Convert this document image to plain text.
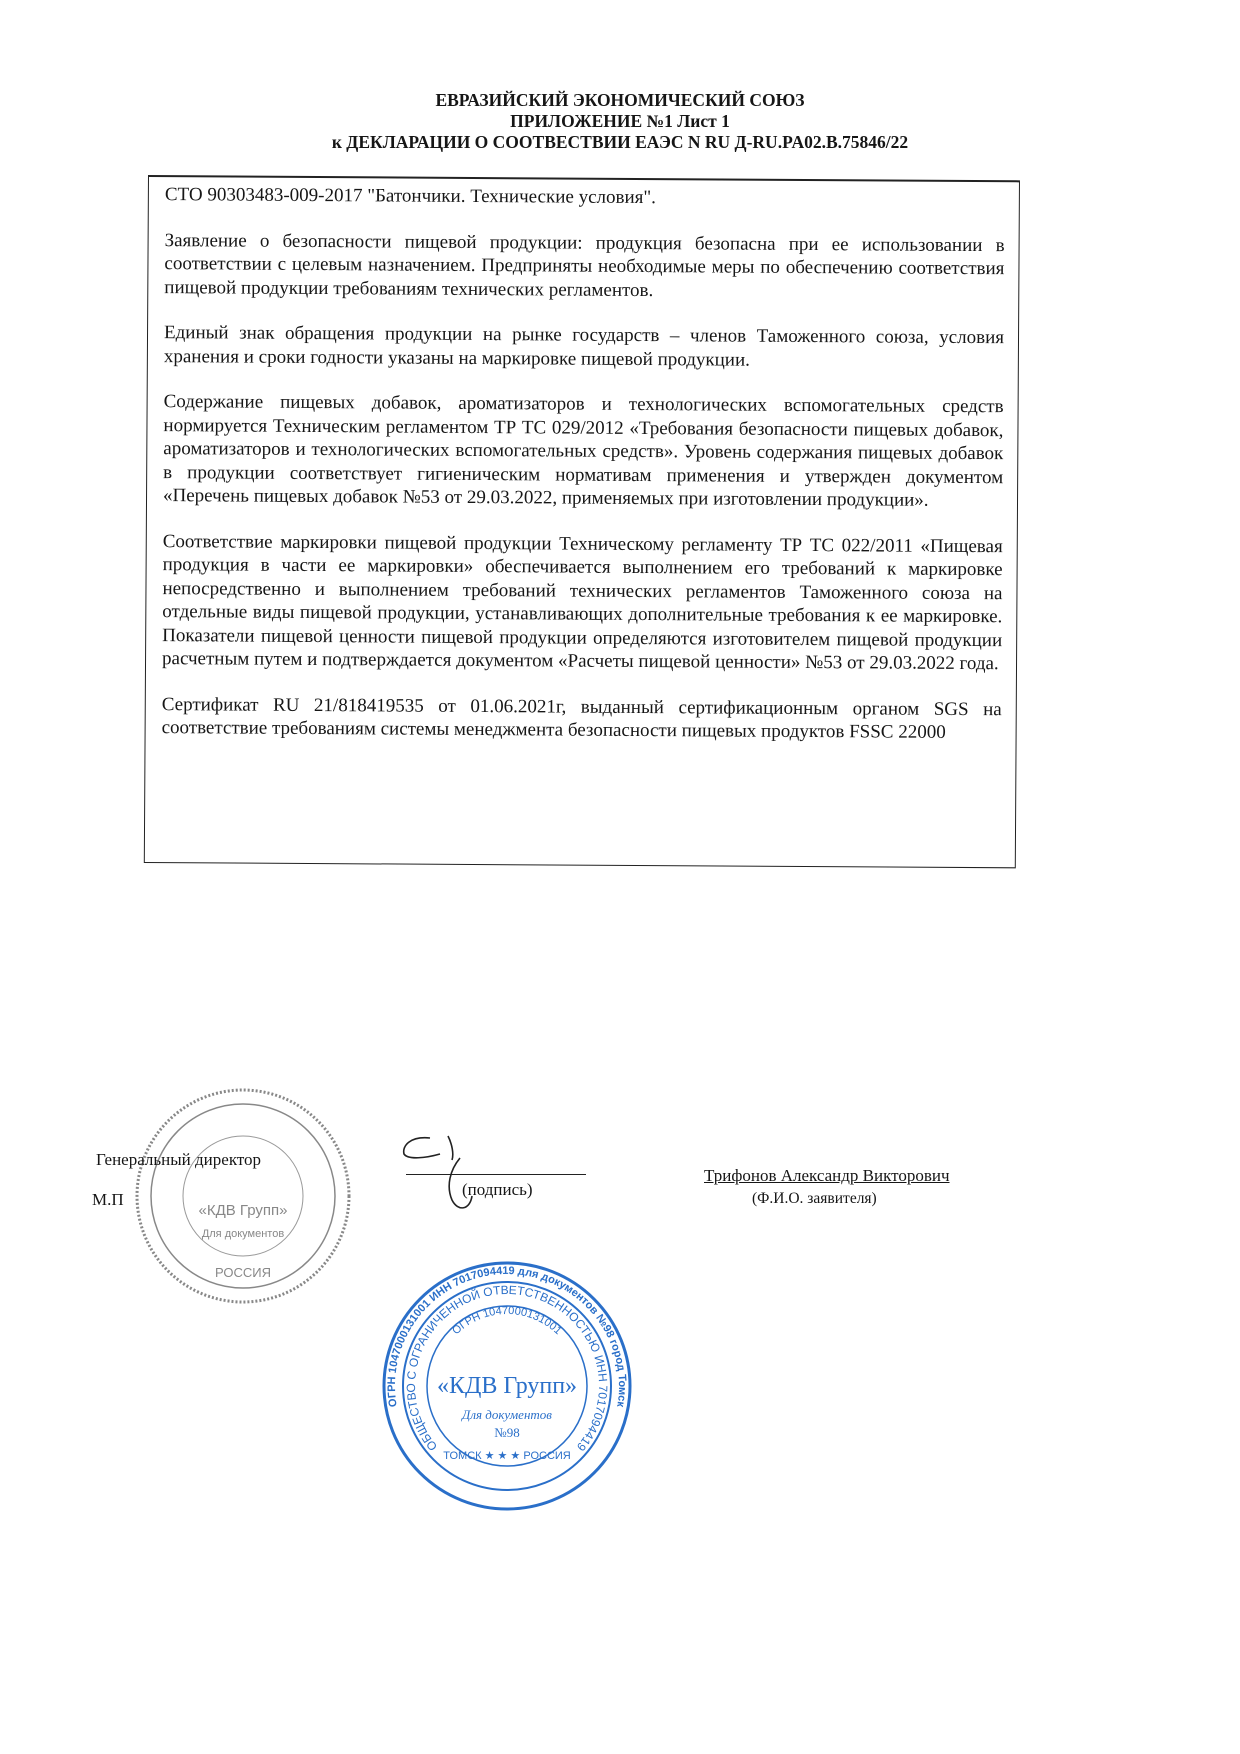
ЕВРАЗИЙСКИЙ ЭКОНОМИЧЕСКИЙ СОЮЗ
ПРИЛОЖЕНИЕ №1 Лист 1
к ДЕКЛАРАЦИИ О СООТВЕСТВИИ ЕАЭС N RU Д-RU.PA02.B.75846/22

СТО 90303483-009-2017 "Батончики. Технические условия".

Заявление о безопасности пищевой продукции: продукция безопасна при ее использовании в соответствии с целевым назначением. Предприняты необходимые меры по обеспечению соответствия пищевой продукции требованиям технических регламентов.

Единый знак обращения продукции на рынке государств – членов Таможенного союза, условия хранения и сроки годности указаны на маркировке пищевой продукции.

Содержание пищевых добавок, ароматизаторов и технологических вспомогательных средств нормируется Техническим регламентом ТР ТС 029/2012 «Требования безопасности пищевых добавок, ароматизаторов и технологических вспомогательных средств». Уровень содержания пищевых добавок в продукции соответствует гигиеническим нормативам применения и утвержден документом «Перечень пищевых добавок №53 от 29.03.2022, применяемых при изготовлении продукции».

Соответствие маркировки пищевой продукции Техническому регламенту ТР ТС 022/2011 «Пищевая продукция в части ее маркировки» обеспечивается выполнением его требований к маркировке непосредственно и выполнением требований технических регламентов Таможенного союза на отдельные виды пищевой продукции, устанавливающих дополнительные требования к ее маркировке. Показатели пищевой ценности пищевой продукции определяются изготовителем пищевой продукции расчетным путем и подтверждается документом «Расчеты пищевой ценности» №53 от 29.03.2022 года.

Сертификат RU 21/818419535 от 01.06.2021г, выданный сертификационным органом SGS на соответствие требованиям системы менеджмента безопасности пищевых продуктов FSSC 22000

«КДВ Групп»
Для документов
РОССИЯ
Генеральный директор
М.П
(подпись)
Трифонов Александр Викторович
(Ф.И.О. заявителя)
ОГРН 1047000131001 ИНН 7017094419 для документов №98 город Томск
ОБЩЕСТВО С ОГРАНИЧЕННОЙ ОТВЕТСТВЕННОСТЬЮ ИНН 7017094419
ОГРН 1047000131001
«КДВ Групп»
Для документов
№98
ТОМСК ★ ★ ★ РОССИЯ
